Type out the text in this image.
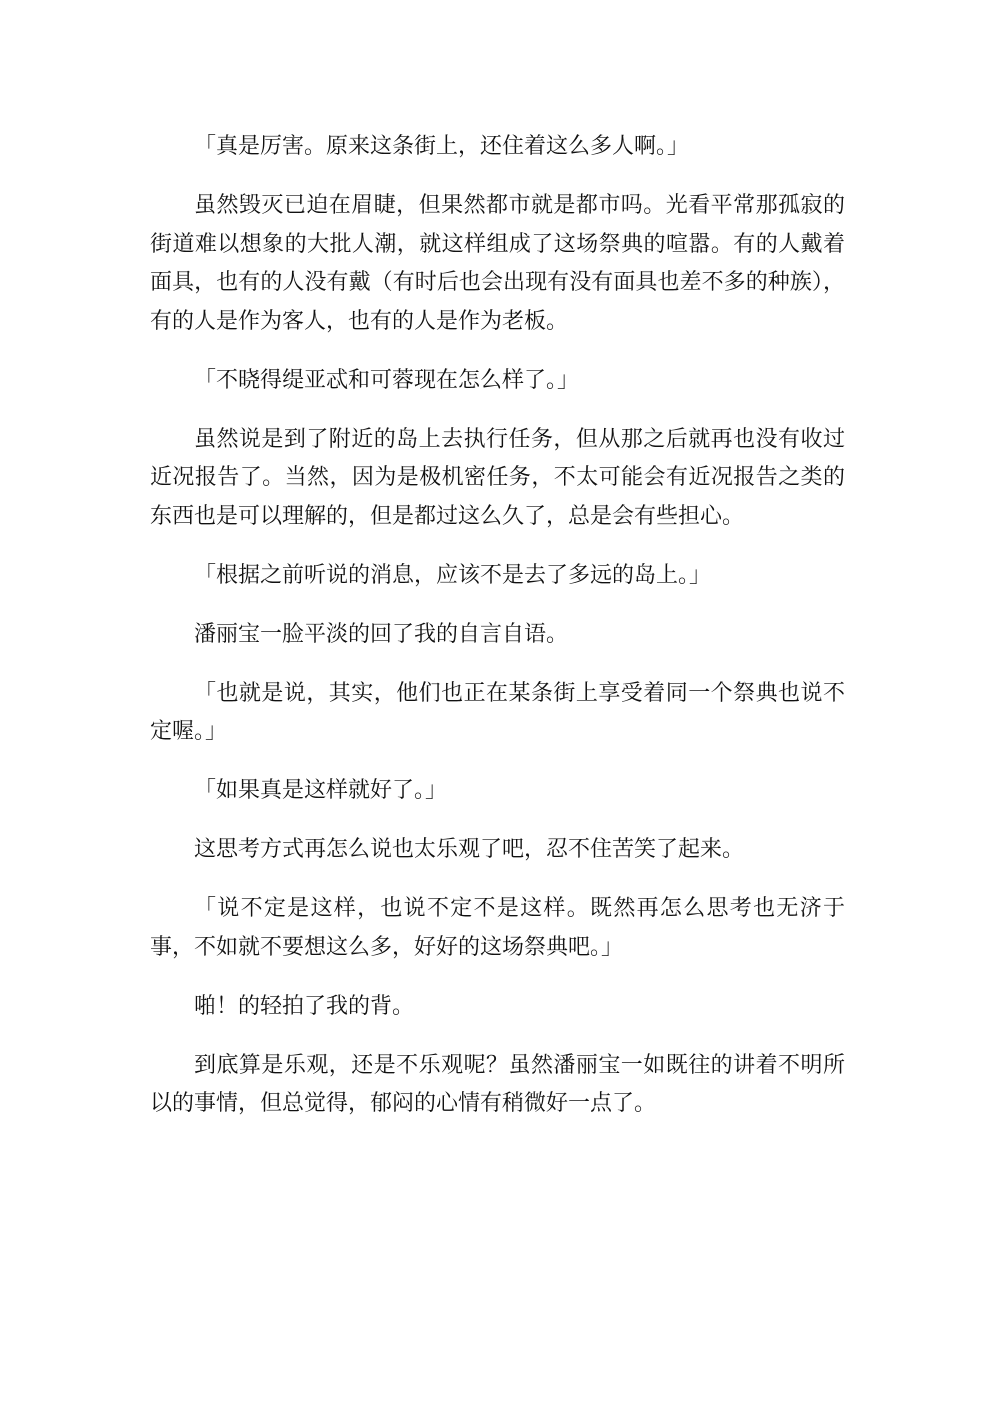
「真是厉害。原来这条街上，还住着这么多人啊。」

虽然毁灭已迫在眉睫，但果然都市就是都市吗。光看平常那孤寂的街道难以想象的大批人潮，就这样组成了这场祭典的喧嚣。有的人戴着面具，也有的人没有戴（有时后也会出现有没有面具也差不多的种族），有的人是作为客人，也有的人是作为老板。

「不晓得缇亚忒和可蓉现在怎么样了。」

虽然说是到了附近的岛上去执行任务，但从那之后就再也没有收过近况报告了。当然，因为是极机密任务，不太可能会有近况报告之类的东西也是可以理解的，但是都过这么久了，总是会有些担心。

「根据之前听说的消息，应该不是去了多远的岛上。」

潘丽宝一脸平淡的回了我的自言自语。

「也就是说，其实，他们也正在某条街上享受着同一个祭典也说不定喔。」

「如果真是这样就好了。」

这思考方式再怎么说也太乐观了吧，忍不住苦笑了起来。

「说不定是这样，也说不定不是这样。既然再怎么思考也无济于事，不如就不要想这么多，好好的这场祭典吧。」

啪！的轻拍了我的背。

到底算是乐观，还是不乐观呢？虽然潘丽宝一如既往的讲着不明所以的事情，但总觉得，郁闷的心情有稍微好一点了。
